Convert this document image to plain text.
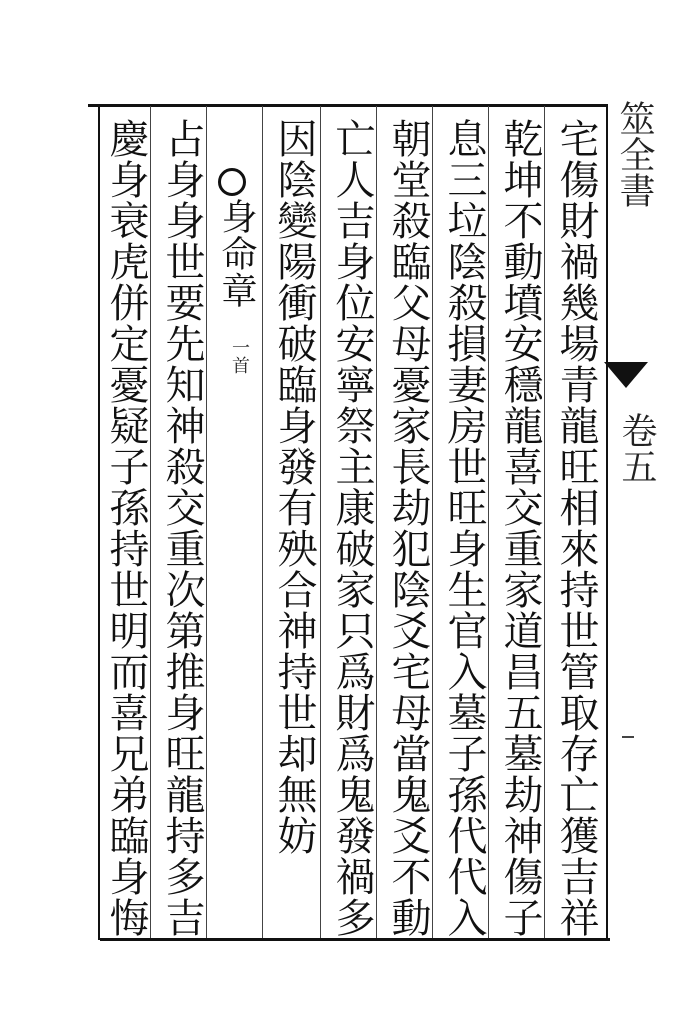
筮全書
卷五
宅傷財禍幾場青龍旺相來持世管取存亡獲吉祥
乾坤不動墳安穩龍喜交重家道昌五墓劫神傷子
息三垃陰殺損妻房世旺身生官入墓子孫代代入
朝堂殺臨父母憂家長劫犯陰爻宅母當鬼爻不動
亡人吉身位安寧祭主康破家只爲財爲鬼發禍多
因陰變陽衝破臨身發有殃合神持世却無妨
身命章
一首
占身身世要先知神殺交重次第推身旺龍持多吉
慶身衰虎併定憂疑子孫持世明而喜兄弟臨身悔
